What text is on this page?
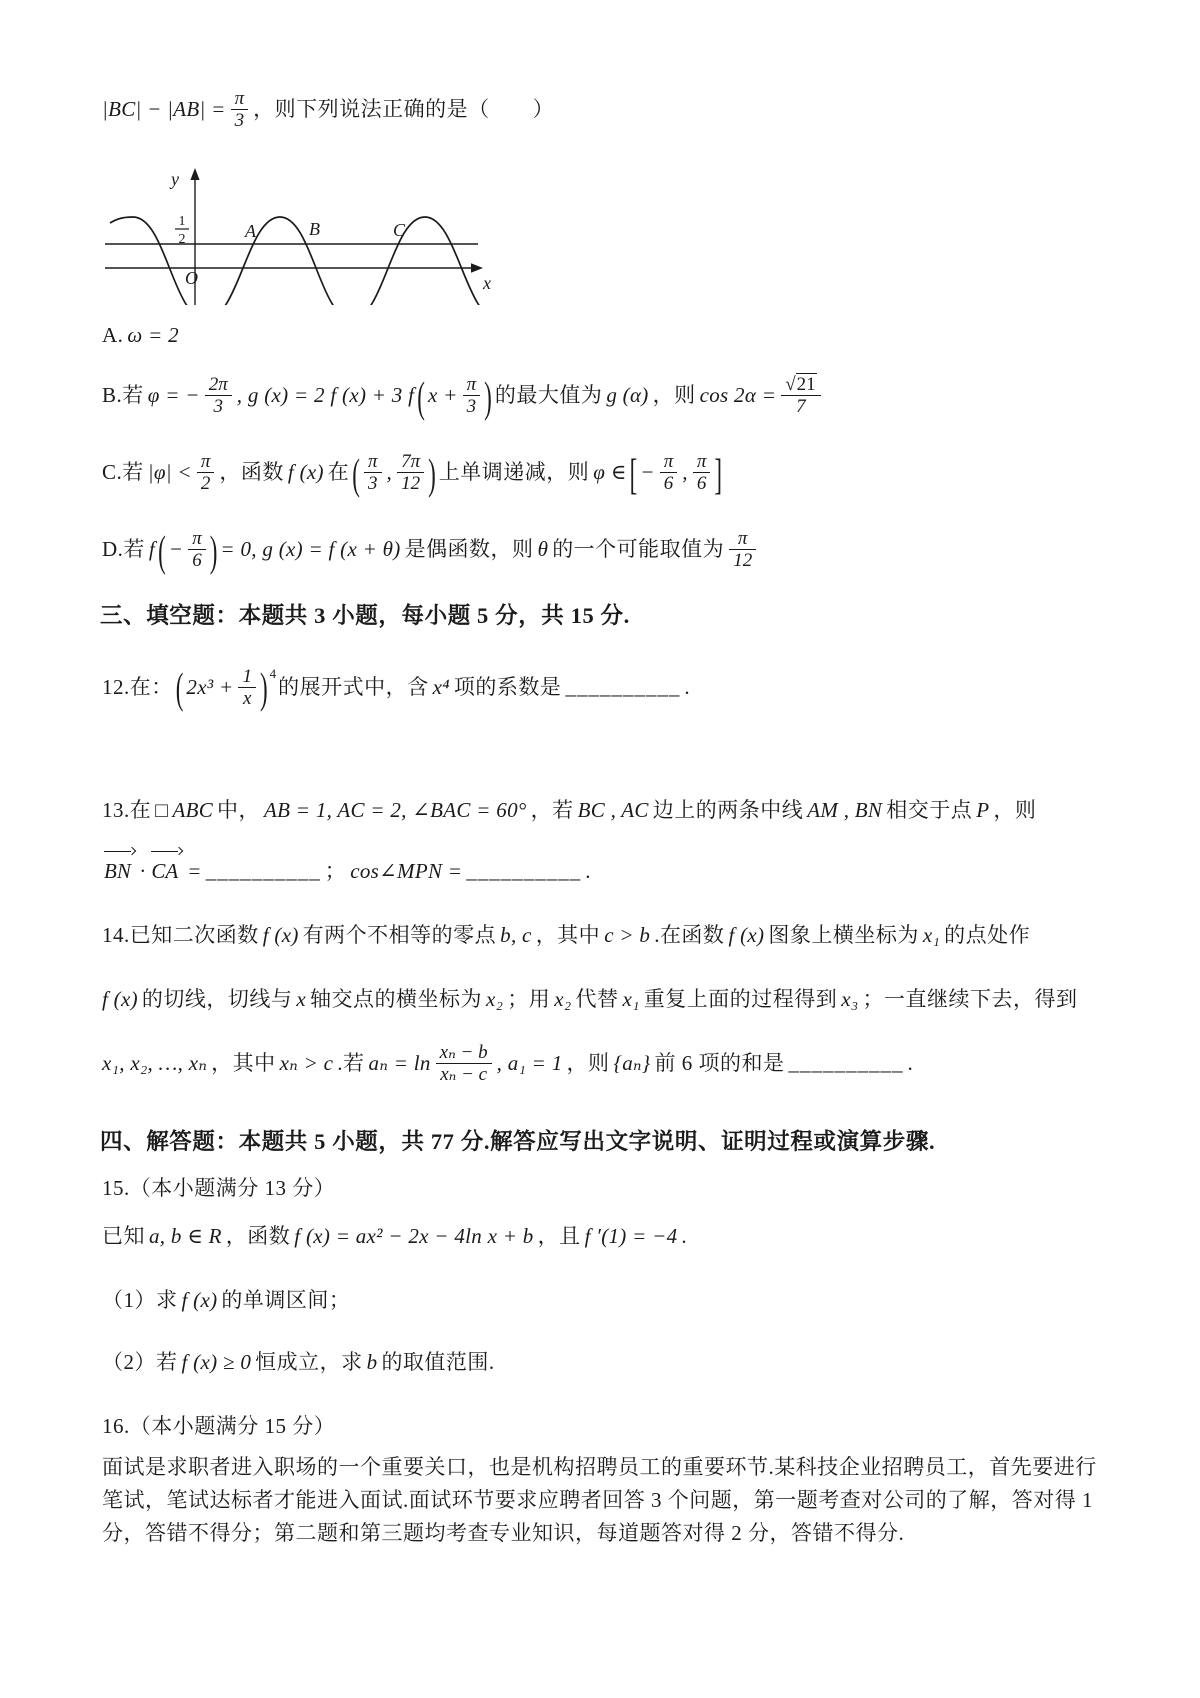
$|BC| - |AB| = \frac{\pi}{3}$ ，则下列说法正确的是（　　）

y
1
2	A	B	C
O	x

A. ω = 2

B.若 φ = − $\frac{2\pi}{3}$ , g (x) = 2 f (x) + 3 f ( $x + \frac{\pi}{3}$ ) 的最大值为 g (α) ，则 $\cos 2\alpha = \frac{√21}{7}$

C.若 $|\varphi| < \frac{\pi}{2}$ ，函数 f (x) 在 ( $\frac{\pi}{3}$ , $\frac{7\pi}{12}$ ) 上单调递减，则 φ ∈ [ − $\frac{\pi}{6}$ , $\frac{\pi}{6}$ ]

D.若 f ( − $\frac{\pi}{6}$ ) = 0, g (x) = f (x + θ) 是偶函数，则 θ 的一个可能取值为 $\frac{\pi}{12}$

三、填空题：本题共 3 小题，每小题 5 分，共 15 分.

12.在： ( $2x^3 + \frac{1}{x}$ ) $^4$的展开式中，含 x⁴ 项的系数是 __________ .

13.在 □ ABC 中， AB = 1, AC = 2, ∠BAC = 60° ，若 BC , AC 边上的两条中线 AM , BN 相交于点 P ，则

BN · CA = __________ ； cos∠MPN = __________ .

14.已知二次函数 f (x) 有两个不相等的零点 b, c ，其中 c > b .在函数 f (x) 图象上横坐标为 x₁ 的点处作

f (x) 的切线，切线与 x 轴交点的横坐标为 x₂ ；用 x₂ 代替 x₁ 重复上面的过程得到 x₃ ；一直继续下去，得到

x₁, x₂, …, xₙ ，其中 xₙ > c .若 $a_n = \ln \frac{\text{xₙ − b}}{\text{xₙ − c}}$ , a₁ = 1 ，则 {aₙ} 前 6 项的和是 __________ .

四、解答题：本题共 5 小题，共 77 分.解答应写出文字说明、证明过程或演算步骤.

15.（本小题满分 13 分）

已知 a, b ∈ R ，函数 f (x) = ax² − 2x − 4ln x + b ，且 f ′(1) = −4 .

（1）求 f (x) 的单调区间；

（2）若 f (x) ≥ 0 恒成立，求 b 的取值范围.

16.（本小题满分 15 分）

面试是求职者进入职场的一个重要关口，也是机构招聘员工的重要环节.某科技企业招聘员工，首先要进行

笔试，笔试达标者才能进入面试.面试环节要求应聘者回答 3 个问题，第一题考查对公司的了解，答对得 1

分，答错不得分；第二题和第三题均考查专业知识，每道题答对得 2 分，答错不得分.
